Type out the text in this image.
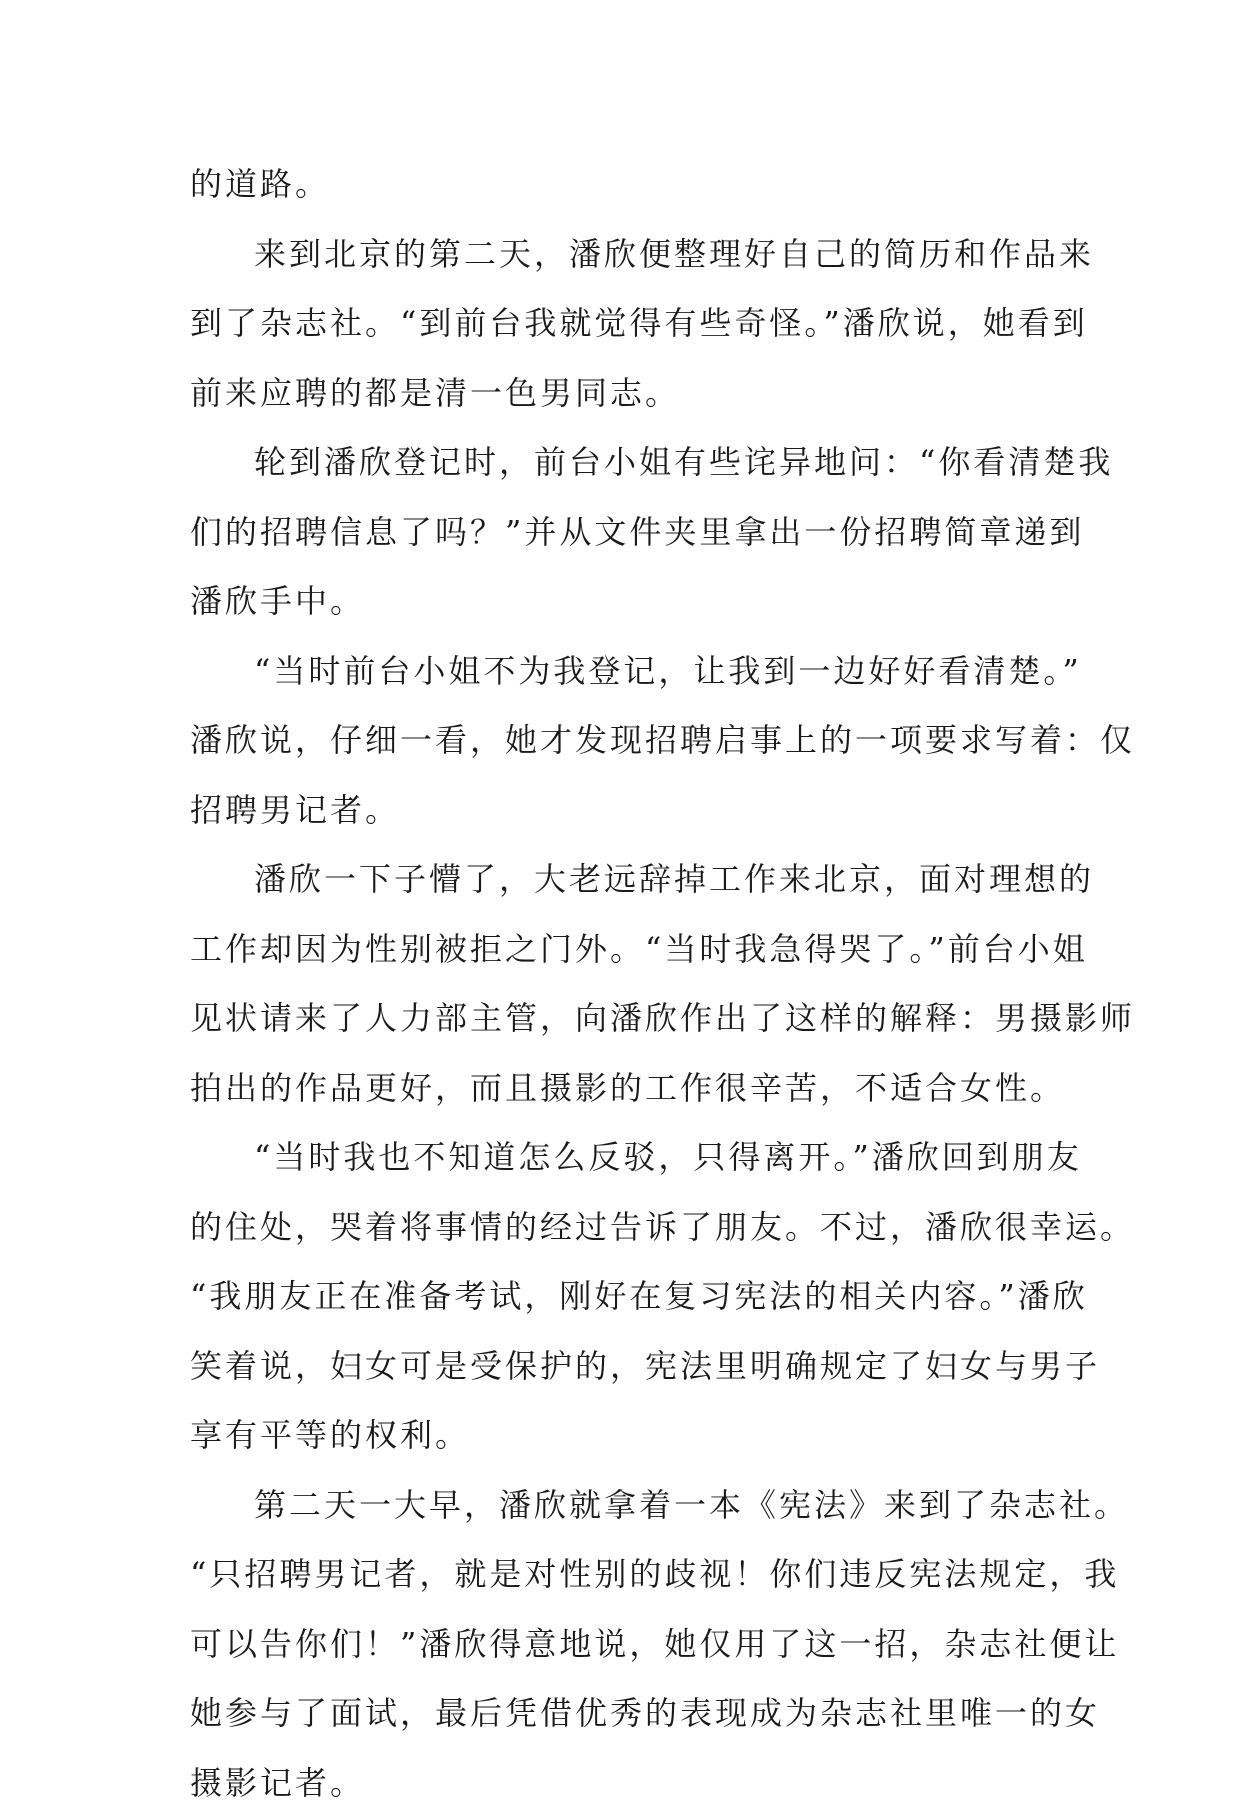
的道路。
来到北京的第二天，潘欣便整理好自己的简历和作品来
到了杂志社。“到前台我就觉得有些奇怪。”潘欣说，她看到
前来应聘的都是清一色男同志。
轮到潘欣登记时，前台小姐有些诧异地问：“你看清楚我
们的招聘信息了吗？”并从文件夹里拿出一份招聘简章递到
潘欣手中。
“当时前台小姐不为我登记，让我到一边好好看清楚。”
潘欣说，仔细一看，她才发现招聘启事上的一项要求写着：仅
招聘男记者。
潘欣一下子懵了，大老远辞掉工作来北京，面对理想的
工作却因为性别被拒之门外。“当时我急得哭了。”前台小姐
见状请来了人力部主管，向潘欣作出了这样的解释：男摄影师
拍出的作品更好，而且摄影的工作很辛苦，不适合女性。
“当时我也不知道怎么反驳，只得离开。”潘欣回到朋友
的住处，哭着将事情的经过告诉了朋友。不过，潘欣很幸运。
“我朋友正在准备考试，刚好在复习宪法的相关内容。”潘欣
笑着说，妇女可是受保护的，宪法里明确规定了妇女与男子
享有平等的权利。
第二天一大早，潘欣就拿着一本《宪法》来到了杂志社。
“只招聘男记者，就是对性别的歧视！你们违反宪法规定，我
可以告你们！”潘欣得意地说，她仅用了这一招，杂志社便让
她参与了面试，最后凭借优秀的表现成为杂志社里唯一的女
摄影记者。
